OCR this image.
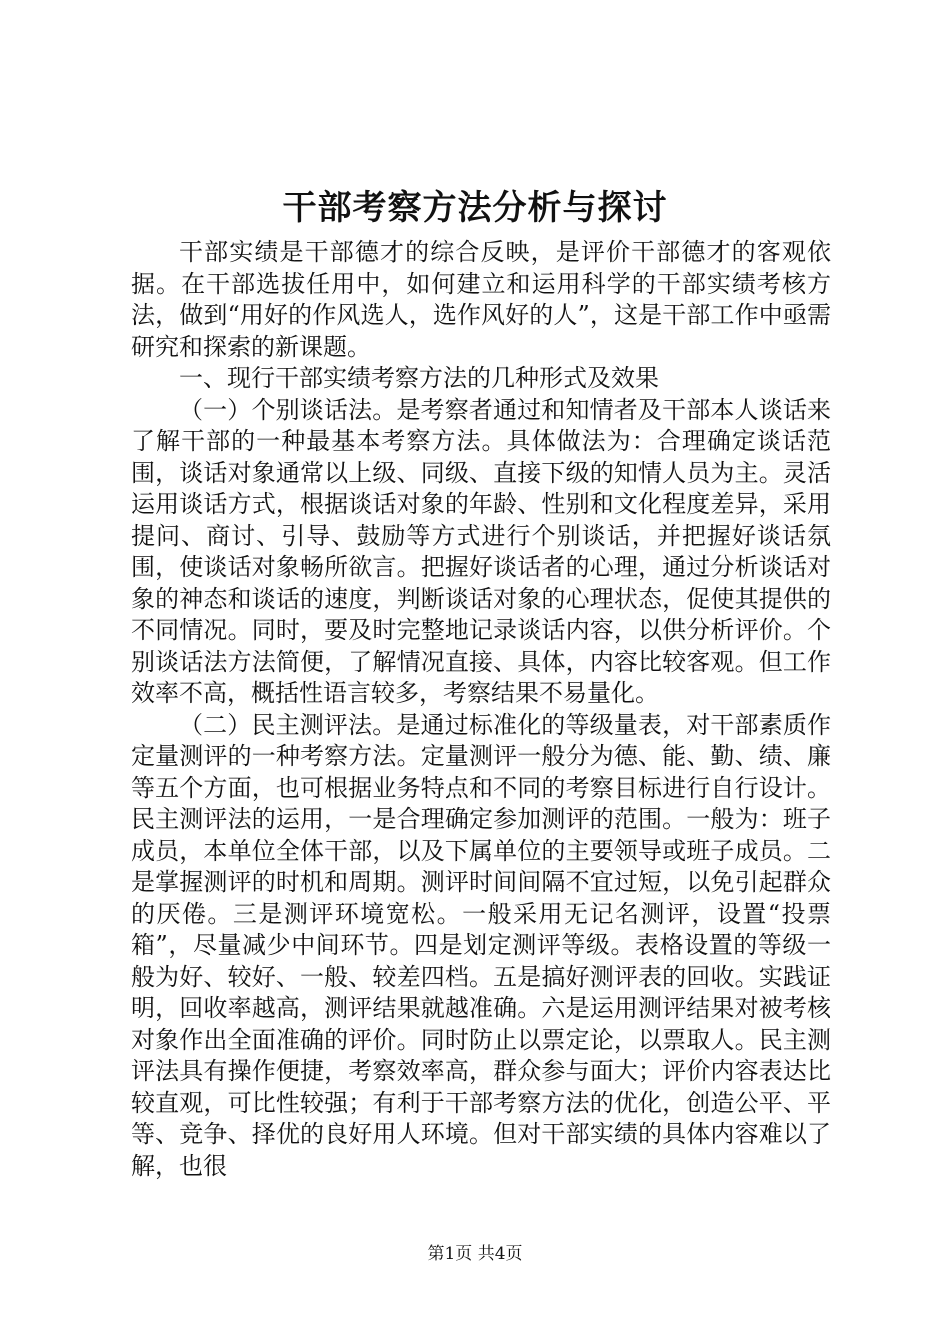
干部考察方法分析与探讨

干部实绩是干部德才的综合反映，是评价干部德才的客观依据。在干部选拔任用中，如何建立和运用科学的干部实绩考核方法，做到“用好的作风选人，选作风好的人”，这是干部工作中亟需研究和探索的新课题。

一、现行干部实绩考察方法的几种形式及效果

（一）个别谈话法。是考察者通过和知情者及干部本人谈话来了解干部的一种最基本考察方法。具体做法为：合理确定谈话范围，谈话对象通常以上级、同级、直接下级的知情人员为主。灵活运用谈话方式，根据谈话对象的年龄、性别和文化程度差异，采用提问、商讨、引导、鼓励等方式进行个别谈话，并把握好谈话氛围，使谈话对象畅所欲言。把握好谈话者的心理，通过分析谈话对象的神态和谈话的速度，判断谈话对象的心理状态，促使其提供的不同情况。同时，要及时完整地记录谈话内容，以供分析评价。个别谈话法方法简便，了解情况直接、具体，内容比较客观。但工作效率不高，概括性语言较多，考察结果不易量化。

（二）民主测评法。是通过标准化的等级量表，对干部素质作定量测评的一种考察方法。定量测评一般分为德、能、勤、绩、廉等五个方面，也可根据业务特点和不同的考察目标进行自行设计。民主测评法的运用，一是合理确定参加测评的范围。一般为：班子成员，本单位全体干部，以及下属单位的主要领导或班子成员。二是掌握测评的时机和周期。测评时间间隔不宜过短，以免引起群众的厌倦。三是测评环境宽松。一般采用无记名测评，设置“投票箱”，尽量减少中间环节。四是划定测评等级。表格设置的等级一般为好、较好、一般、较差四档。五是搞好测评表的回收。实践证明，回收率越高，测评结果就越准确。六是运用测评结果对被考核对象作出全面准确的评价。同时防止以票定论，以票取人。民主测评法具有操作便捷，考察效率高，群众参与面大；评价内容表达比较直观，可比性较强；有利于干部考察方法的优化，创造公平、平等、竞争、择优的良好用人环境。但对干部实绩的具体内容难以了解，也很

第1页 共4页
